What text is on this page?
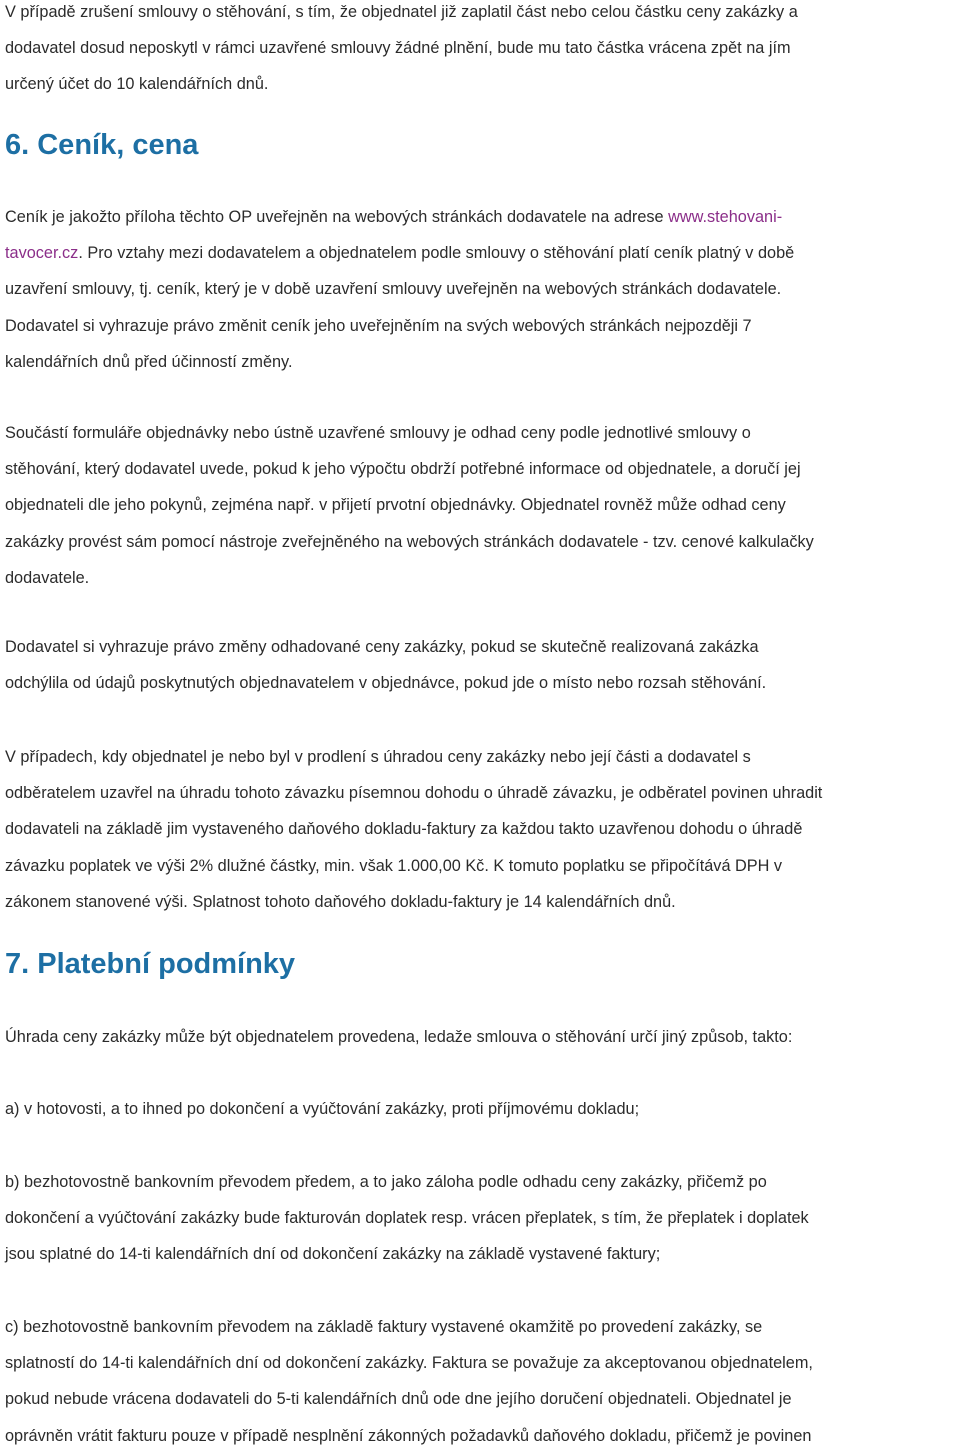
V případě zrušení smlouvy o stěhování, s tím, že objednatel již zaplatil část nebo celou částku ceny zakázky a
dodavatel dosud neposkytl v rámci uzavřené smlouvy žádné plnění, bude mu tato částka vrácena zpět na jím
určený účet do 10 kalendářních dnů.
6. Ceník, cena
Ceník je jakožto příloha těchto OP uveřejněn na webových stránkách dodavatele na adrese www.stehovani-
tavocer.cz. Pro vztahy mezi dodavatelem a objednatelem podle smlouvy o stěhování platí ceník platný v době
uzavření smlouvy, tj. ceník, který je v době uzavření smlouvy uveřejněn na webových stránkách dodavatele.
Dodavatel si vyhrazuje právo změnit ceník jeho uveřejněním na svých webových stránkách nejpozději 7
kalendářních dnů před účinností změny.
Součástí formuláře objednávky nebo ústně uzavřené smlouvy je odhad ceny podle jednotlivé smlouvy o
stěhování, který dodavatel uvede, pokud k jeho výpočtu obdrží potřebné informace od objednatele, a doručí jej
objednateli dle jeho pokynů, zejména např. v přijetí prvotní objednávky. Objednatel rovněž může odhad ceny
zakázky provést sám pomocí nástroje zveřejněného na webových stránkách dodavatele - tzv. cenové kalkulačky
dodavatele.
Dodavatel si vyhrazuje právo změny odhadované ceny zakázky, pokud se skutečně realizovaná zakázka
odchýlila od údajů poskytnutých objednavatelem v objednávce, pokud jde o místo nebo rozsah stěhování.
V případech, kdy objednatel je nebo byl v prodlení s úhradou ceny zakázky nebo její části a dodavatel s
odběratelem uzavřel na úhradu tohoto závazku písemnou dohodu o úhradě závazku, je odběratel povinen uhradit
dodavateli na základě jim vystaveného daňového dokladu-faktury za každou takto uzavřenou dohodu o úhradě
závazku poplatek ve výši 2% dlužné částky, min. však 1.000,00 Kč. K tomuto poplatku se připočítává DPH v
zákonem stanovené výši. Splatnost tohoto daňového dokladu-faktury je 14 kalendářních dnů.
7. Platební podmínky
Úhrada ceny zakázky může být objednatelem provedena, ledaže smlouva o stěhování určí jiný způsob, takto:
a) v hotovosti, a to ihned po dokončení a vyúčtování zakázky, proti příjmovému dokladu;
b) bezhotovostně bankovním převodem předem, a to jako záloha podle odhadu ceny zakázky, přičemž po
dokončení a vyúčtování zakázky bude fakturován doplatek resp. vrácen přeplatek, s tím, že přeplatek i doplatek
jsou splatné do 14-ti kalendářních dní od dokončení zakázky na základě vystavené faktury;
c) bezhotovostně bankovním převodem na základě faktury vystavené okamžitě po provedení zakázky, se
splatností do 14-ti kalendářních dní od dokončení zakázky. Faktura se považuje za akceptovanou objednatelem,
pokud nebude vrácena dodavateli do 5-ti kalendářních dnů ode dne jejího doručení objednateli. Objednatel je
oprávněn vrátit fakturu pouze v případě nesplnění zákonných požadavků daňového dokladu, přičemž je povinen
